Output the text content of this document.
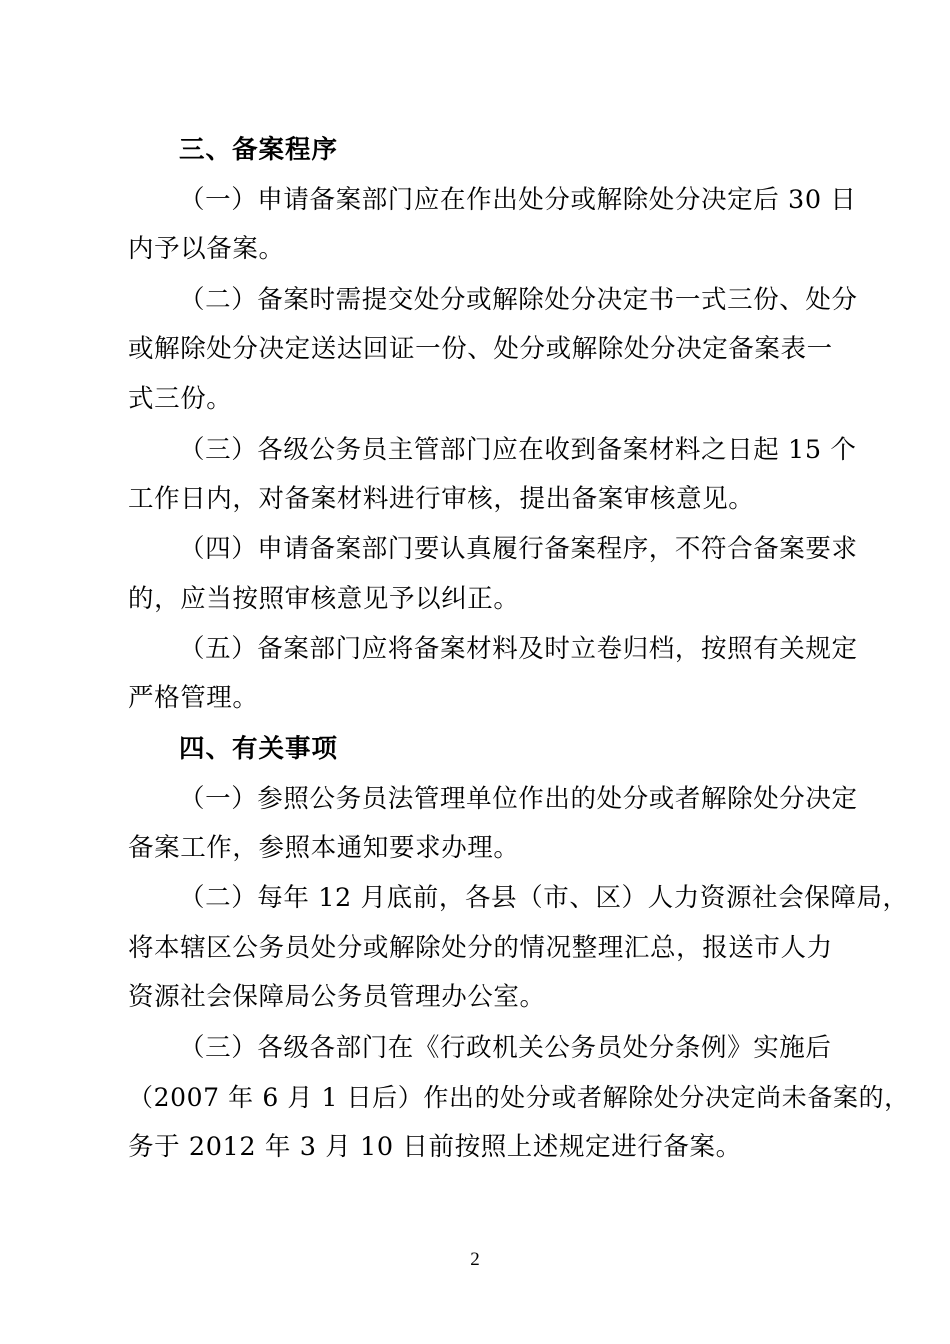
三、备案程序
（一）申请备案部门应在作出处分或解除处分决定后 30 日
内予以备案。
（二）备案时需提交处分或解除处分决定书一式三份、处分
或解除处分决定送达回证一份、处分或解除处分决定备案表一
式三份。
（三）各级公务员主管部门应在收到备案材料之日起 15 个
工作日内，对备案材料进行审核，提出备案审核意见。
（四）申请备案部门要认真履行备案程序，不符合备案要求
的，应当按照审核意见予以纠正。
（五）备案部门应将备案材料及时立卷归档，按照有关规定
严格管理。
四、有关事项
（一）参照公务员法管理单位作出的处分或者解除处分决定
备案工作，参照本通知要求办理。
（二）每年 12 月底前，各县（市、区）人力资源社会保障局，
将本辖区公务员处分或解除处分的情况整理汇总，报送市人力
资源社会保障局公务员管理办公室。
（三）各级各部门在《行政机关公务员处分条例》实施后
（2007 年 6 月 1 日后）作出的处分或者解除处分决定尚未备案的，
务于 2012 年 3 月 10 日前按照上述规定进行备案。
2
